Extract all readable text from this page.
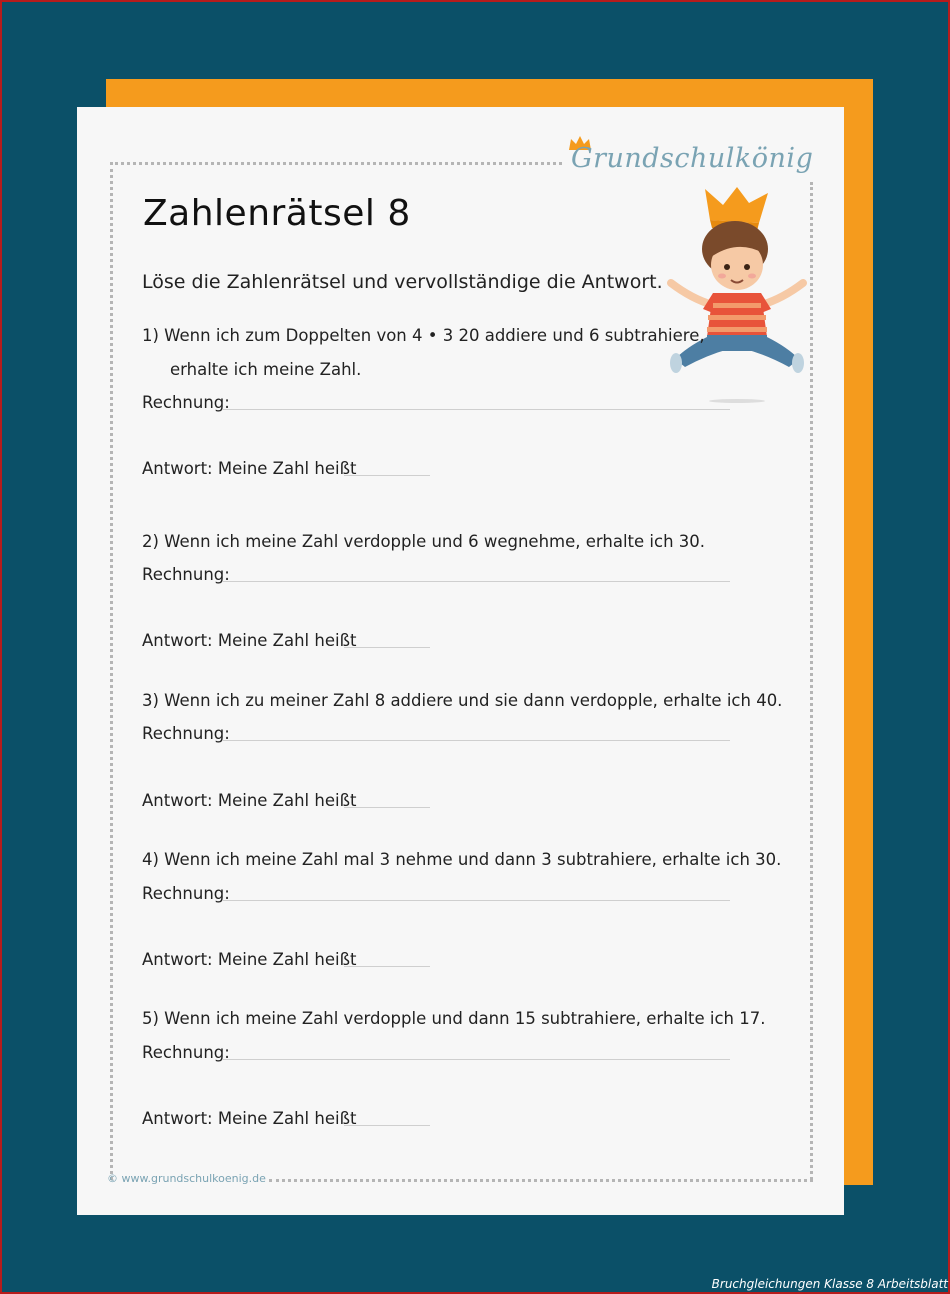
Grundschulkönig
Zahlenrätsel 8
Löse die Zahlenrätsel und vervollständige die Antwort.
1) Wenn ich zum Doppelten von 4 • 3 20 addiere und 6 subtrahiere,
erhalte ich meine Zahl.
Rechnung:
Antwort: Meine Zahl heißt
2) Wenn ich meine Zahl verdopple und 6 wegnehme, erhalte ich 30.
Rechnung:
Antwort: Meine Zahl heißt
3) Wenn ich zu meiner Zahl 8 addiere und sie dann verdopple, erhalte ich 40.
Rechnung:
Antwort: Meine Zahl heißt
4) Wenn ich meine Zahl mal 3 nehme und dann 3 subtrahiere, erhalte ich 30.
Rechnung:
Antwort: Meine Zahl heißt
5) Wenn ich meine Zahl verdopple und dann 15 subtrahiere, erhalte ich 17.
Rechnung:
Antwort: Meine Zahl heißt
© www.grundschulkoenig.de
Bruchgleichungen Klasse 8 Arbeitsblatt
